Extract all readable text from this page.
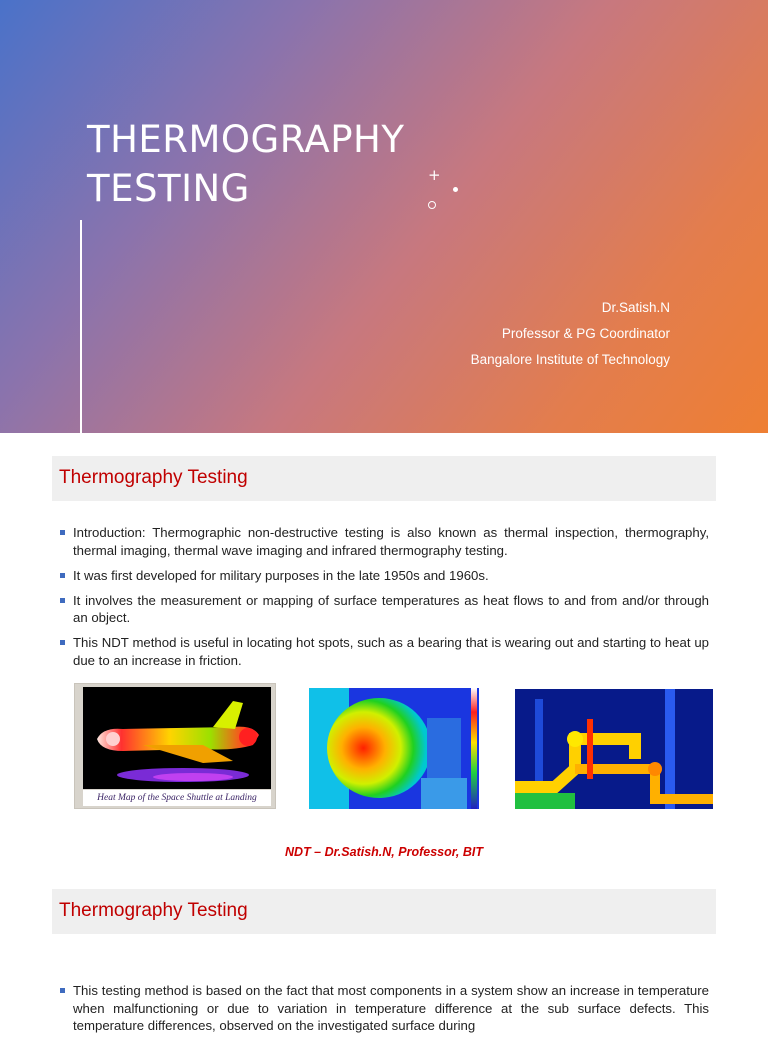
THERMOGRAPHY
TESTING	+
Dr.Satish.N
Professor & PG Coordinator
Bangalore Institute of Technology
Thermography Testing
Introduction: Thermographic non-destructive testing is also known as thermal inspection, thermography, thermal imaging, thermal wave imaging and infrared thermography testing.
It was first developed for military purposes in the late 1950s and 1960s.
It involves the measurement or mapping of surface temperatures as heat flows to and from and/or through an object.
This NDT method is useful in locating hot spots, such as a bearing that is wearing out and starting to heat up due to an increase in friction.
Heat Map of the Space Shuttle at Landing
NDT – Dr.Satish.N, Professor, BIT
Thermography Testing
This testing method is based on the fact that most components in a system show an increase in temperature when malfunctioning or due to variation in temperature difference at the sub surface defects. This temperature differences, observed on the investigated surface during
